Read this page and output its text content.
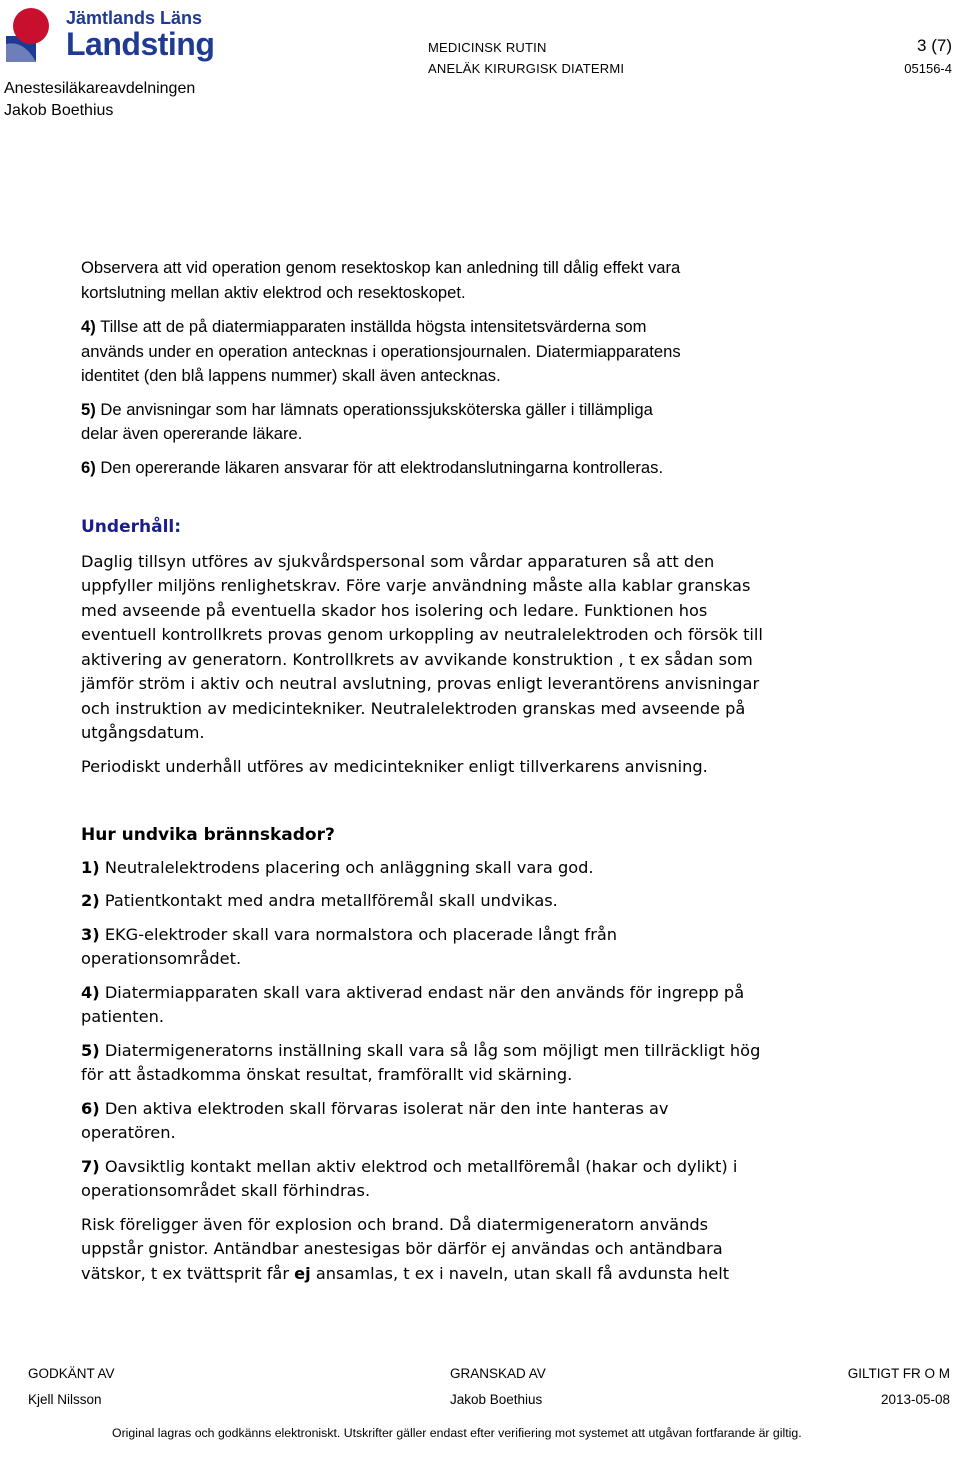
Jämtlands Läns
Landsting
Anestesiläkareavdelningen
Jakob Boethius
MEDICINSK RUTIN
ANELÄK KIRURGISK DIATERMI
3 (7)
05156-4

Observera att vid operation genom resektoskop kan anledning till dålig effekt vara
kortslutning mellan aktiv elektrod och resektoskopet.

4) Tillse att de på diatermiapparaten inställda högsta intensitetsvärderna som
används under en operation antecknas i operationsjournalen. Diatermiapparatens
identitet (den blå lappens nummer) skall även antecknas.

5) De anvisningar som har lämnats operationssjuksköterska gäller i tillämpliga
delar även opererande läkare.

6) Den opererande läkaren ansvarar för att elektrodanslutningarna kontrolleras.

Underhåll:

Daglig tillsyn utföres av sjukvårdspersonal som vårdar apparaturen så att den
uppfyller miljöns renlighetskrav. Före varje användning måste alla kablar granskas
med avseende på eventuella skador hos isolering och ledare. Funktionen hos
eventuell kontrollkrets provas genom urkoppling av neutralelektroden och försök till
aktivering av generatorn. Kontrollkrets av avvikande konstruktion , t ex sådan som
jämför ström i aktiv och neutral avslutning, provas enligt leverantörens anvisningar
och instruktion av medicintekniker. Neutralelektroden granskas med avseende på
utgångsdatum.

Periodiskt underhåll utföres av medicintekniker enligt tillverkarens anvisning.

Hur undvika brännskador?

1) Neutralelektrodens placering och anläggning skall vara god.

2) Patientkontakt med andra metallföremål skall undvikas.

3) EKG-elektroder skall vara normalstora och placerade långt från
operationsområdet.

4) Diatermiapparaten skall vara aktiverad endast när den används för ingrepp på
patienten.

5) Diatermigeneratorns inställning skall vara så låg som möjligt men tillräckligt hög
för att åstadkomma önskat resultat, framförallt vid skärning.

6) Den aktiva elektroden skall förvaras isolerat när den inte hanteras av
operatören.

7) Oavsiktlig kontakt mellan aktiv elektrod och metallföremål (hakar och dylikt) i
operationsområdet skall förhindras.

Risk föreligger även för explosion och brand. Då diatermigeneratorn används
uppstår gnistor. Antändbar anestesigas bör därför ej användas och antändbara
vätskor, t ex tvättsprit får ej ansamlas, t ex i naveln, utan skall få avdunsta helt

GODKÄNT AV
Kjell Nilsson
GRANSKAD AV
Jakob Boethius
GILTIGT FR O M
2013-05-08
Original lagras och godkänns elektroniskt. Utskrifter gäller endast efter verifiering mot systemet att utgåvan fortfarande är giltig.
